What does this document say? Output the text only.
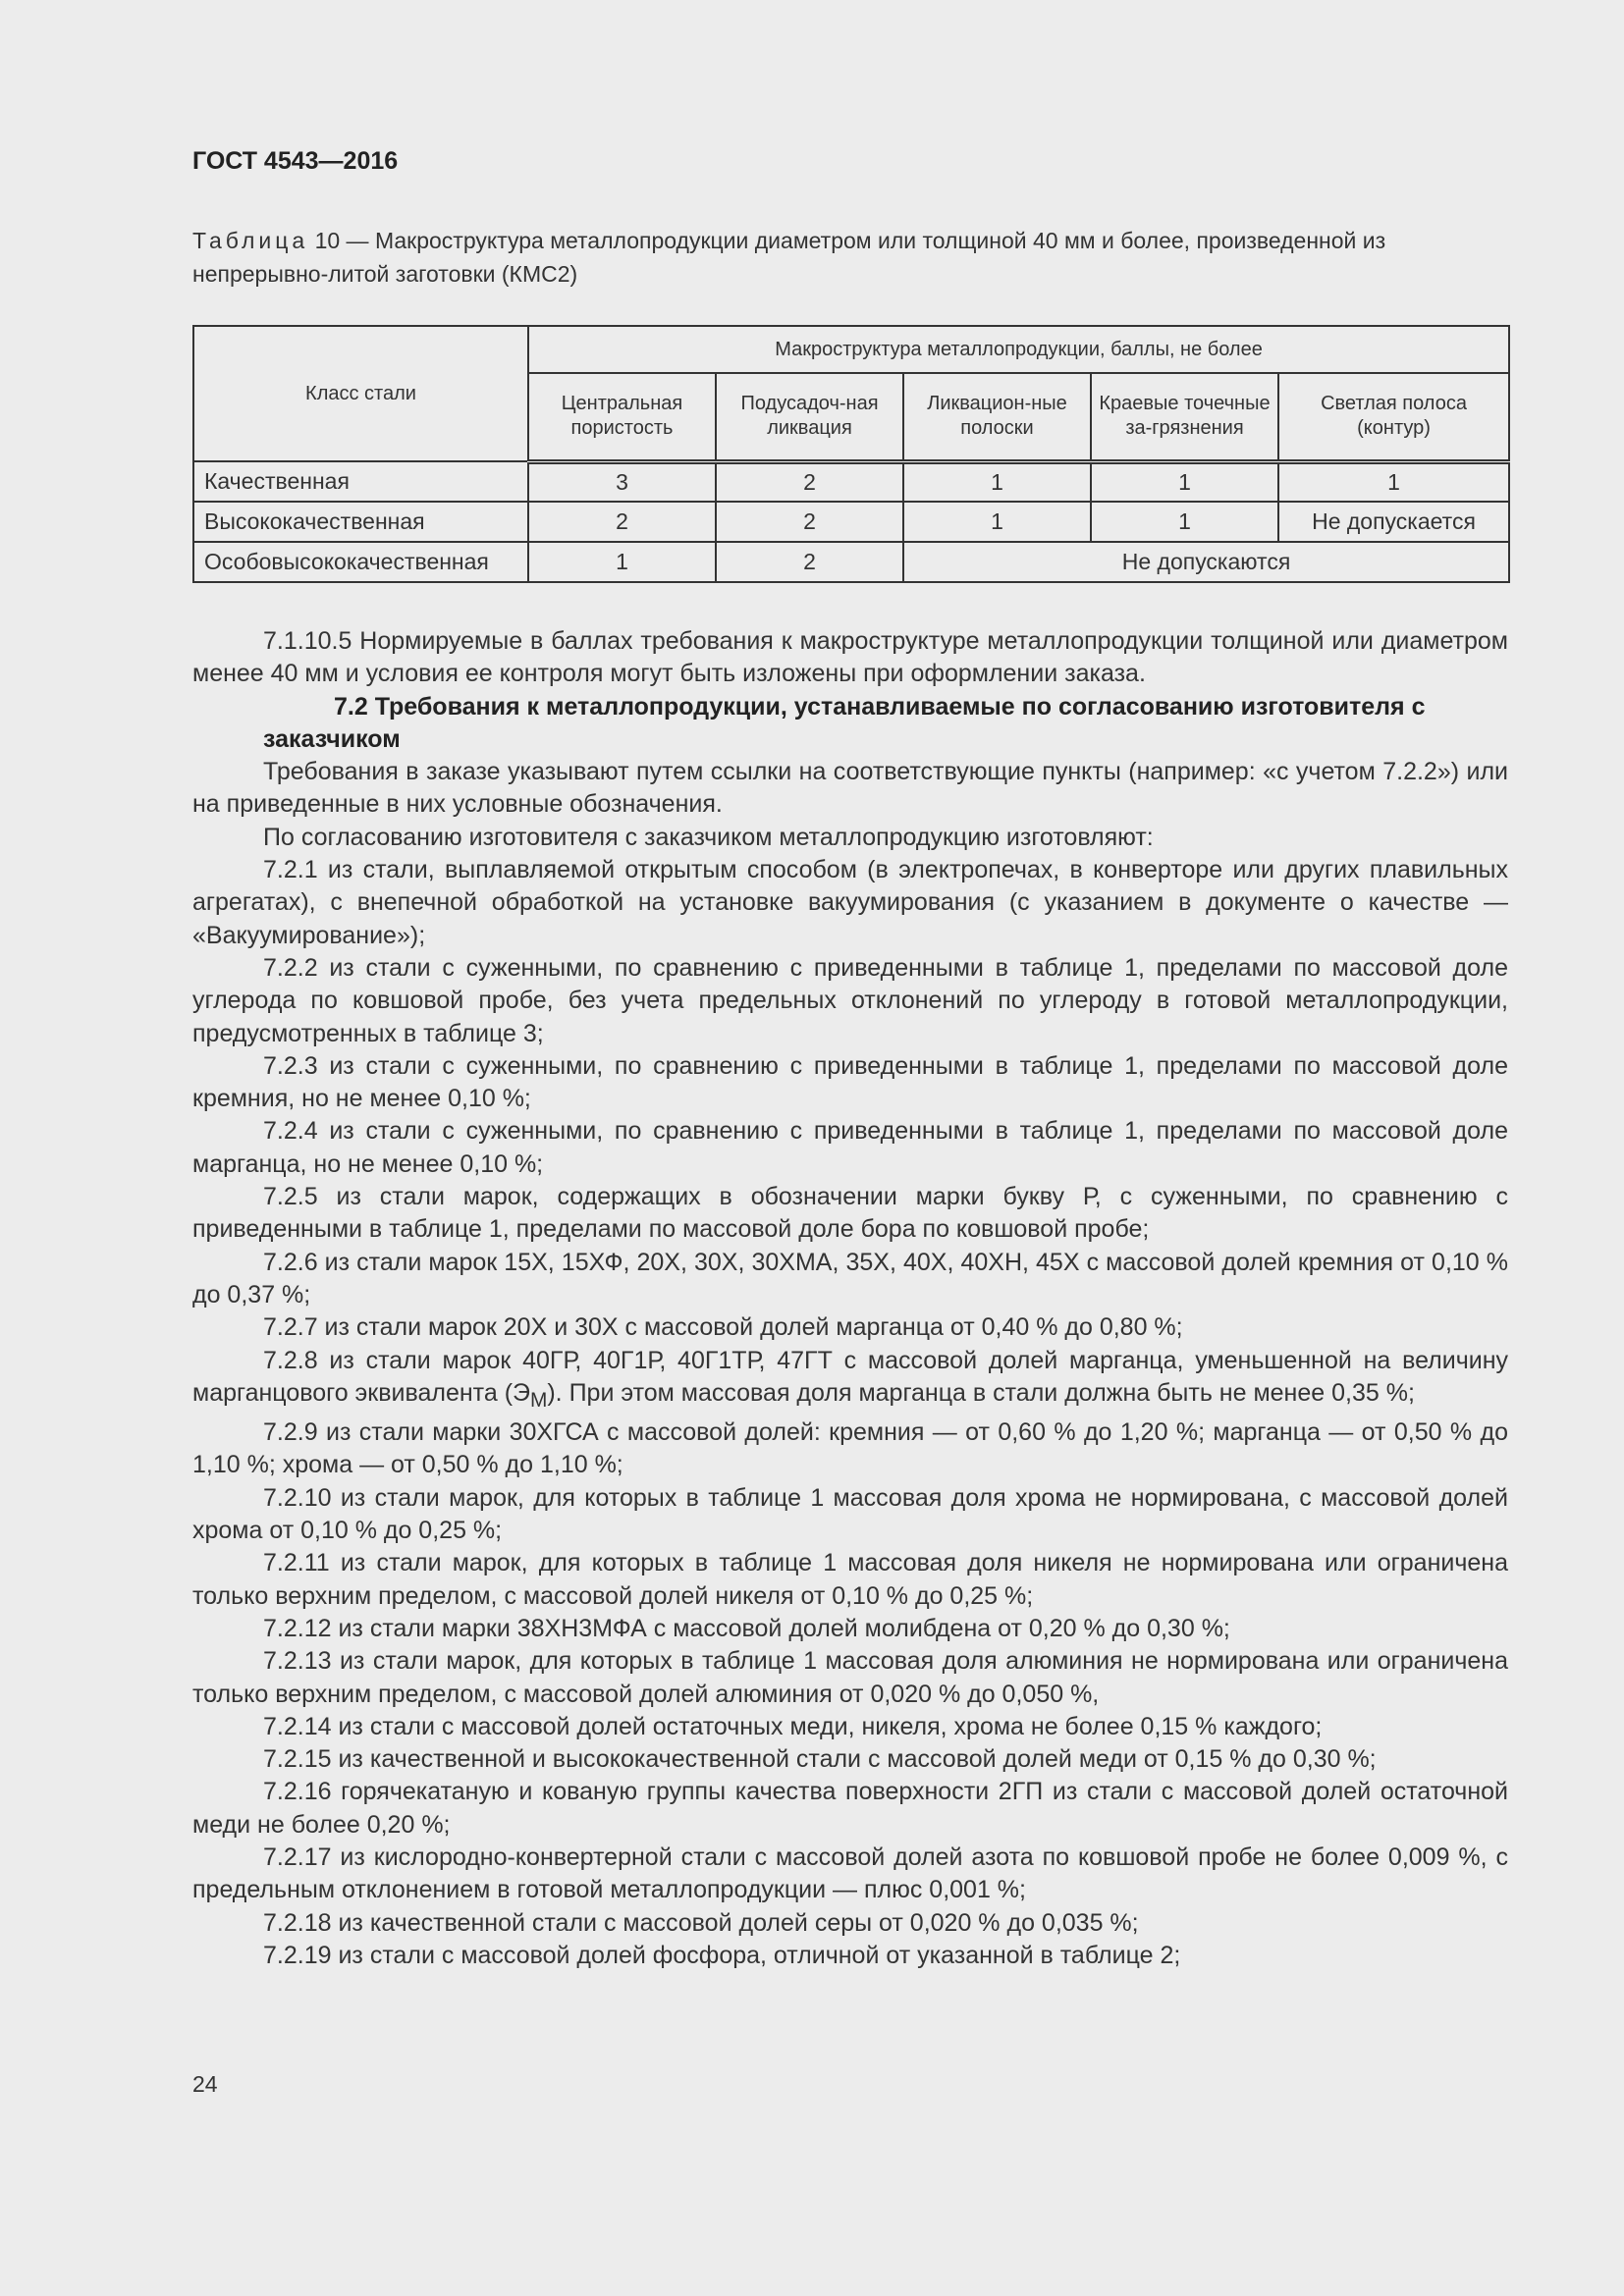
ГОСТ 4543—2016
Таблица 10 — Макроструктура металлопродукции диаметром или толщиной 40 мм и более, произведенной из непрерывно-литой заготовки (КМС2)
Класс стали	Макроструктура металлопродукции, баллы, не более				
	Центральная пористость	Подусадоч-ная ликвация	Ликвацион-ные полоски	Краевые точечные за-грязнения	Светлая полоса (контур)
Качественная	3	2	1	1	1
Высококачественная	2	2	1	1	Не допускается
Особовысококачественная	1	2	Не допускаются		

7.1.10.5 Нормируемые в баллах требования к макроструктуре металлопродукции толщиной или диаметром менее 40 мм и условия ее контроля могут быть изложены при оформлении заказа.

7.2 Требования к металлопродукции, устанавливаемые по согласованию изготовителя с заказчиком

Требования в заказе указывают путем ссылки на соответствующие пункты (например: «с учетом 7.2.2») или на приведенные в них условные обозначения.

По согласованию изготовителя с заказчиком металлопродукцию изготовляют:

7.2.1 из стали, выплавляемой открытым способом (в электропечах, в конверторе или других плавильных агрегатах), с внепечной обработкой на установке вакуумирования (с указанием в документе о качестве — «Вакуумирование»);

7.2.2 из стали с суженными, по сравнению с приведенными в таблице 1, пределами по массовой доле углерода по ковшовой пробе, без учета предельных отклонений по углероду в готовой металлопродукции, предусмотренных в таблице 3;

7.2.3 из стали с суженными, по сравнению с приведенными в таблице 1, пределами по массовой доле кремния, но не менее 0,10 %;

7.2.4 из стали с суженными, по сравнению с приведенными в таблице 1, пределами по массовой доле марганца, но не менее 0,10 %;

7.2.5 из стали марок, содержащих в обозначении марки букву Р, с суженными, по сравнению с приведенными в таблице 1, пределами по массовой доле бора по ковшовой пробе;

7.2.6 из стали марок 15Х, 15ХФ, 20Х, 30Х, 30ХМА, 35Х, 40Х, 40ХН, 45Х с массовой долей кремния от 0,10 % до 0,37 %;

7.2.7 из стали марок 20Х и 30Х с массовой долей марганца от 0,40 % до 0,80 %;

7.2.8 из стали марок 40ГР, 40Г1Р, 40Г1ТР, 47ГТ с массовой долей марганца, уменьшенной на величину марганцового эквивалента $(Э_М)$. При этом массовая доля марганца в стали должна быть не менее 0,35 %;

7.2.9 из стали марки 30ХГСА с массовой долей: кремния — от 0,60 % до 1,20 %; марганца — от 0,50 % до 1,10 %; хрома — от 0,50 % до 1,10 %;

7.2.10 из стали марок, для которых в таблице 1 массовая доля хрома не нормирована, с массовой долей хрома от 0,10 % до 0,25 %;

7.2.11 из стали марок, для которых в таблице 1 массовая доля никеля не нормирована или ограничена только верхним пределом, с массовой долей никеля от 0,10 % до 0,25 %;

7.2.12 из стали марки 38ХН3МФА с массовой долей молибдена от 0,20 % до 0,30 %;

7.2.13 из стали марок, для которых в таблице 1 массовая доля алюминия не нормирована или ограничена только верхним пределом, с массовой долей алюминия от 0,020 % до 0,050 %,

7.2.14 из стали с массовой долей остаточных меди, никеля, хрома не более 0,15 % каждого;

7.2.15 из качественной и высококачественной стали с массовой долей меди от 0,15 % до 0,30 %;

7.2.16 горячекатаную и кованую группы качества поверхности 2ГП из стали с массовой долей остаточной меди не более 0,20 %;

7.2.17 из кислородно-конвертерной стали с массовой долей азота по ковшовой пробе не более 0,009 %, с предельным отклонением в готовой металлопродукции — плюс 0,001 %;

7.2.18 из качественной стали с массовой долей серы от 0,020 % до 0,035 %;

7.2.19 из стали с массовой долей фосфора, отличной от указанной в таблице 2;

24
